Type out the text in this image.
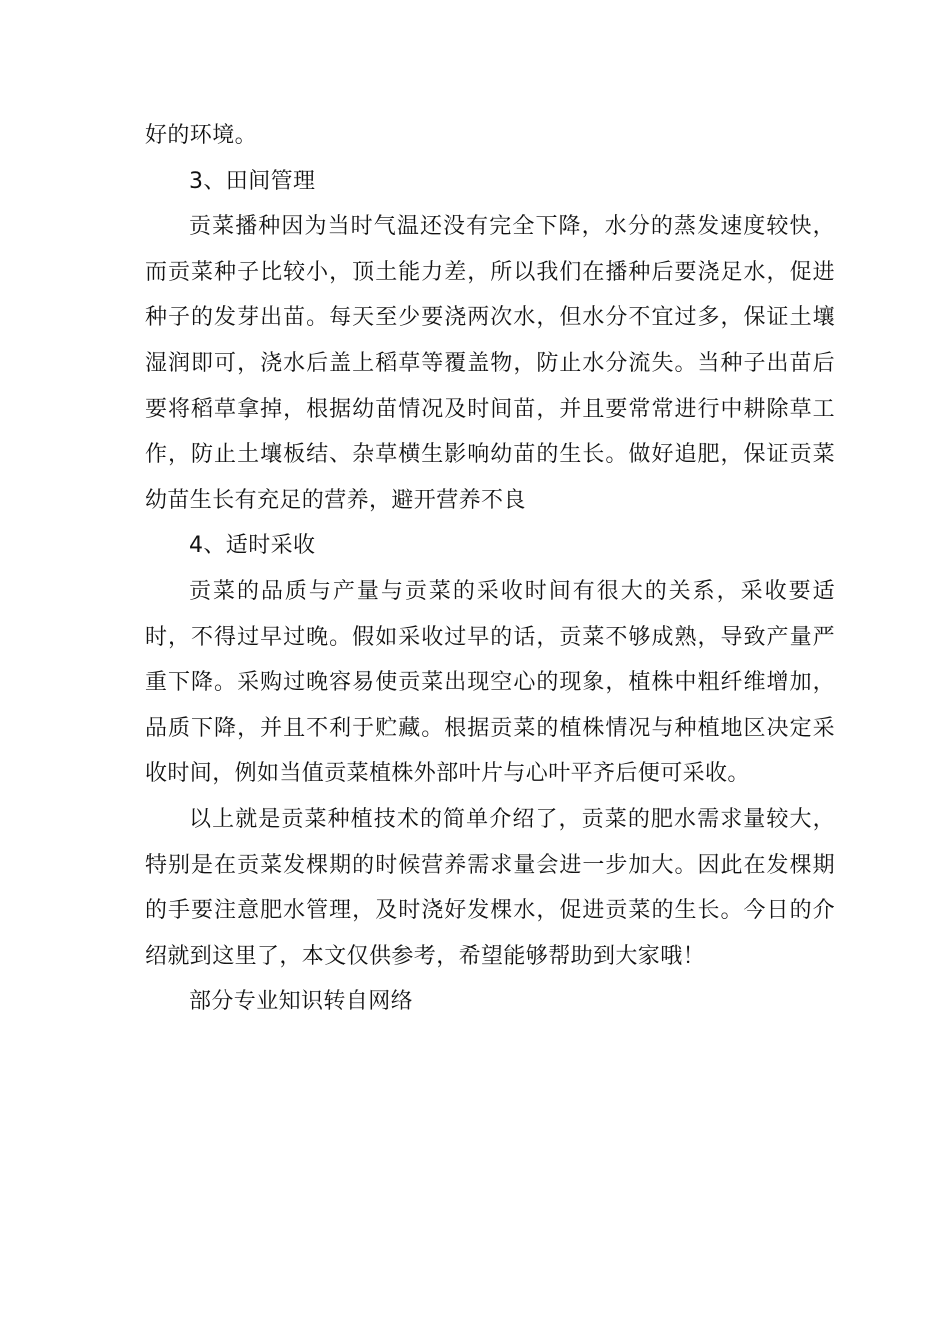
好的环境。

3、田间管理

贡菜播种因为当时气温还没有完全下降，水分的蒸发速度较快，而贡菜种子比较小，顶土能力差，所以我们在播种后要浇足水，促进种子的发芽出苗。每天至少要浇两次水，但水分不宜过多，保证土壤湿润即可，浇水后盖上稻草等覆盖物，防止水分流失。当种子出苗后要将稻草拿掉，根据幼苗情况及时间苗，并且要常常进行中耕除草工作，防止土壤板结、杂草横生影响幼苗的生长。做好追肥，保证贡菜幼苗生长有充足的营养，避开营养不良

4、适时采收

贡菜的品质与产量与贡菜的采收时间有很大的关系，采收要适时，不得过早过晚。假如采收过早的话，贡菜不够成熟，导致产量严重下降。采购过晚容易使贡菜出现空心的现象，植株中粗纤维增加，品质下降，并且不利于贮藏。根据贡菜的植株情况与种植地区决定采收时间，例如当值贡菜植株外部叶片与心叶平齐后便可采收。

以上就是贡菜种植技术的简单介绍了，贡菜的肥水需求量较大，特别是在贡菜发棵期的时候营养需求量会进一步加大。因此在发棵期的手要注意肥水管理，及时浇好发棵水，促进贡菜的生长。今日的介绍就到这里了，本文仅供参考，希望能够帮助到大家哦！

部分专业知识转自网络
